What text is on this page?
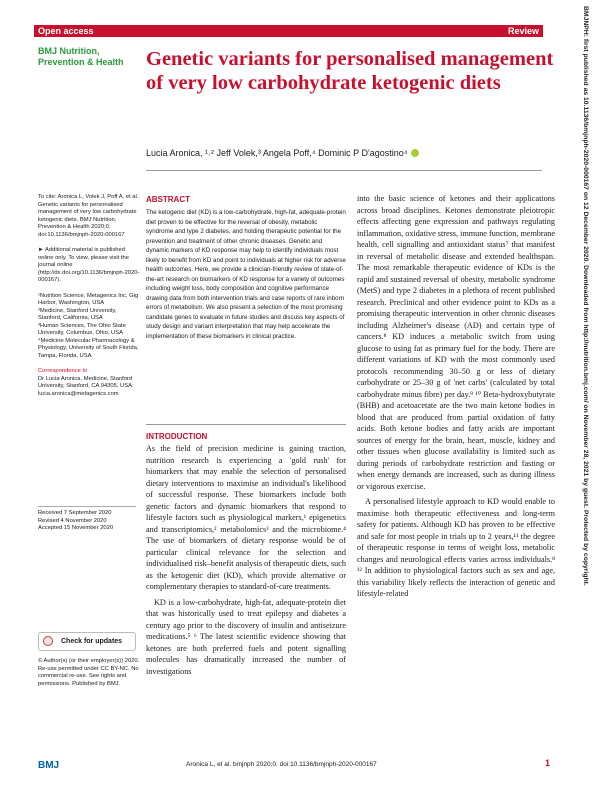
Open access	Review
BMJ Nutrition,
Prevention & Health	Genetic variants for personalised management of very low carbohydrate ketogenic diets
Lucia Aronica, ¹˒² Jeff Volek,³ Angela Poff,⁴ Dominic P D'agostino⁴
To cite: Aronica L, Volek J, Poff A, et al. Genetic variants for personalised management of very low carbohydrate ketogenic diets. BMJ Nutrition, Prevention & Health 2020;0. doi:10.1136/bmjnph-2020-000167
► Additional material is published online only. To view, please visit the journal online (http://dx.doi.org/10.1136/bmjnph-2020-000167).
¹Nutrition Science, Metagenics Inc, Gig Harbor, Washington, USA
²Medicine, Stanford University, Stanford, California, USA
³Human Sciences, The Ohio State University, Columbus, Ohio, USA
⁴Medicine Molecular Pharmacology & Physiology, University of South Florida, Tampa, Florida, USA
Correspondence to
Dr Lucia Aronica, Medicine, Stanford University, Stanford, CA 94305, USA; lucia.aronica@metagenics.com
Received 7 September 2020
Revised 4 November 2020
Accepted 15 November 2020
Check for updates
© Author(s) (or their employer(s)) 2020. Re-use permitted under CC BY-NC. No commercial re-use. See rights and permissions. Published by BMJ.
ABSTRACT
The ketogenic diet (KD) is a low-carbohydrate, high-fat, adequate-protein diet proven to be effective for the reversal of obesity, metabolic syndrome and type 2 diabetes, and holding therapeutic potential for the prevention and treatment of other chronic diseases. Genetic and dynamic markers of KD response may help to identify individuals most likely to benefit from KD and point to individuals at higher risk for adverse health outcomes. Here, we provide a clinician-friendly review of state-of-the-art research on biomarkers of KD response for a variety of outcomes including weight loss, body composition and cognitive performance drawing data from both intervention trials and case reports of rare inborn errors of metabolism. We also present a selection of the most promising candidate genes to evaluate in future studies and discuss key aspects of study design and variant interpretation that may help accelerate the implementation of these biomarkers in clinical practice.
INTRODUCTION

As the field of precision medicine is gaining traction, nutrition research is experiencing a 'gold rush' for biomarkers that may enable the selection of personalised dietary interventions to maximise an individual's likelihood of successful response. These biomarkers include both genetic factors and dynamic biomarkers that respond to lifestyle factors such as physiological markers,¹ epigenetics and transcriptomics,² metabolomics³ and the microbiome.⁴ The use of biomarkers of dietary response would be of particular clinical relevance for the selection and individualised risk–benefit analysis of therapeutic diets, such as the ketogenic diet (KD), which provide alternative or complementary therapies to standard-of-care treatments.

KD is a low-carbohydrate, high-fat, adequate-protein diet that was historically used to treat epilepsy and diabetes a century ago prior to the discovery of insulin and antiseizure medications.⁵ ⁶ The latest scientific evidence showing that ketones are both preferred fuels and potent signalling molecules has dramatically increased the number of investigations

into the basic science of ketones and their applications across broad disciplines. Ketones demonstrate pleiotropic effects affecting gene expression and pathways regulating inflammation, oxidative stress, immune function, membrane health, cell signalling and antioxidant status⁷ that manifest in reversal of metabolic disease and extended healthspan. The most remarkable therapeutic evidence of KDs is the rapid and sustained reversal of obesity, metabolic syndrome (MetS) and type 2 diabetes in a plethora of recent published research. Preclinical and other evidence point to KDs as a promising therapeutic intervention in other chronic diseases including Alzheimer's disease (AD) and certain type of cancers.⁸ KD induces a metabolic switch from using glucose to using fat as primary fuel for the body. There are different variations of KD with the most commonly used protocols recommending 30–50 g or less of dietary carbohydrate or 25–30 g of 'net carbs' (calculated by total carbohydrate minus fibre) per day.⁹ ¹⁰ Beta-hydroxybutyrate (BHB) and acetoacetate are the two main ketone bodies in blood that are produced from partial oxidation of fatty acids. Both ketone bodies and fatty acids are important sources of energy for the brain, heart, muscle, kidney and other tissues when glucose availability is limited such as during periods of carbohydrate restriction and fasting or when energy demands are increased, such as during illness or vigorous exercise.

A personalised lifestyle approach to KD would enable to maximise both therapeutic effectiveness and long-term safety for patients. Although KD has proven to be effective and safe for most people in trials up to 2 years,¹¹ the degree of therapeutic response in terms of weight loss, metabolic changes and neurological effects varies across individuals.⁸ ¹² In addition to physiological factors such as sex and age, this variability likely reflects the interaction of genetic and lifestyle-related

BMJNPH: first published as 10.1136/bmjnph-2020-000167 on 12 December 2020. Downloaded from http://nutrition.bmj.com/ on November 28, 2021 by guest. Protected by copyright.
BMJ	Aronica L, et al. bmjnph 2020;0. doi:10.1136/bmjnph-2020-000167	1
